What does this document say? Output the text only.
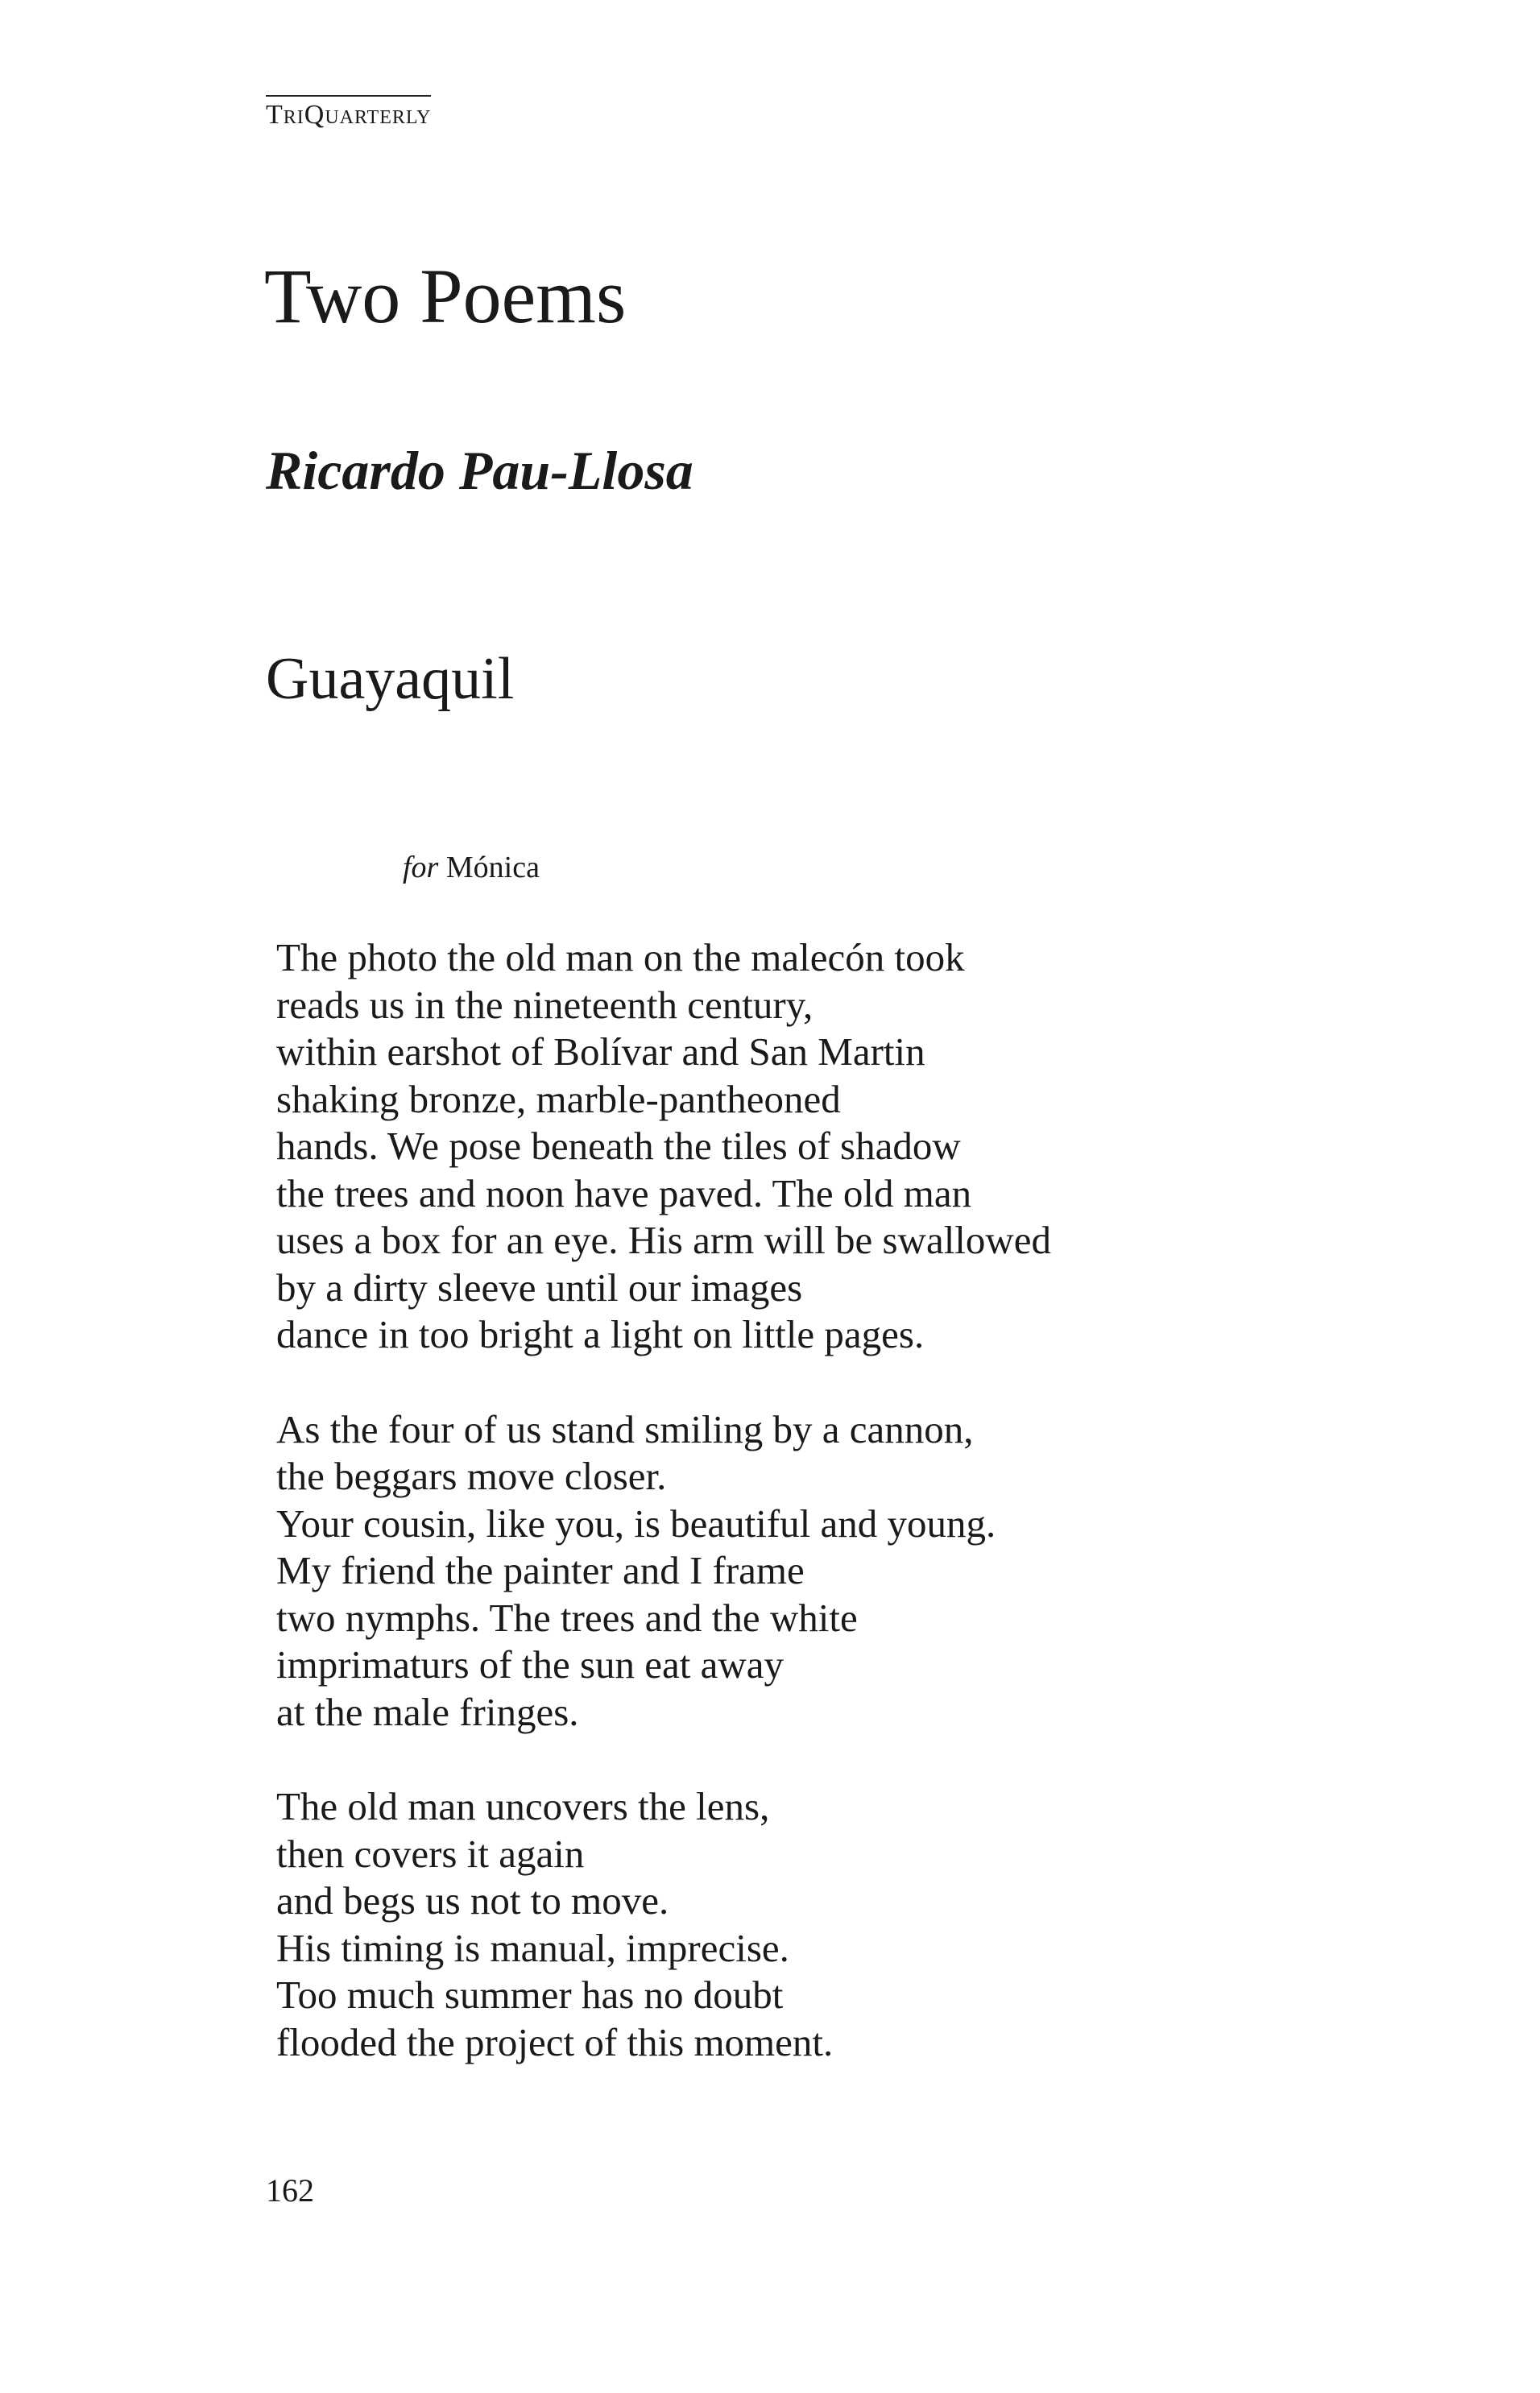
TriQuarterly
Two Poems
Ricardo Pau-Llosa
Guayaquil
for Mónica
The photo the old man on the malecón took
reads us in the nineteenth century,
within earshot of Bolívar and San Martin
shaking bronze, marble-pantheoned
hands. We pose beneath the tiles of shadow
the trees and noon have paved. The old man
uses a box for an eye. His arm will be swallowed
by a dirty sleeve until our images
dance in too bright a light on little pages.
As the four of us stand smiling by a cannon,
the beggars move closer.
Your cousin, like you, is beautiful and young.
My friend the painter and I frame
two nymphs. The trees and the white
imprimaturs of the sun eat away
at the male fringes.
The old man uncovers the lens,
then covers it again
and begs us not to move.
His timing is manual, imprecise.
Too much summer has no doubt
flooded the project of this moment.
162
